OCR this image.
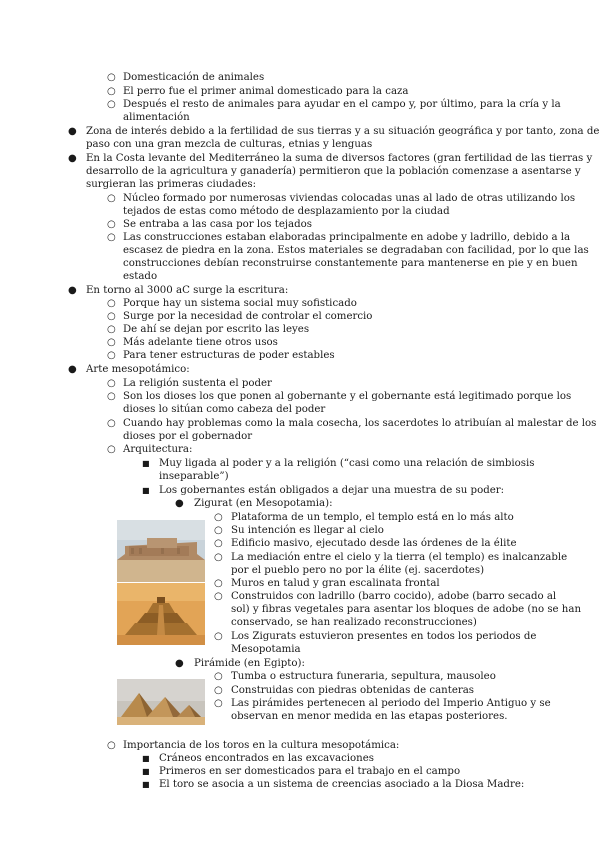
○ Domesticación de animales
○ El perro fue el primer animal domesticado para la caza
○ Después el resto de animales para ayudar en el campo y, por último, para la cría y la
alimentación
● Zona de interés debido a la fertilidad de sus tierras y a su situación geográfica y por tanto, zona de
paso con una gran mezcla de culturas, etnias y lenguas
● En la Costa levante del Mediterráneo la suma de diversos factores (gran fertilidad de las tierras y
desarrollo de la agricultura y ganadería) permitieron que la población comenzase a asentarse y
surgieran las primeras ciudades:
○ Núcleo formado por numerosas viviendas colocadas unas al lado de otras utilizando los
tejados de estas como método de desplazamiento por la ciudad
○ Se entraba a las casa por los tejados
○ Las construcciones estaban elaboradas principalmente en adobe y ladrillo, debido a la
escasez de piedra en la zona. Estos materiales se degradaban con facilidad, por lo que las
construcciones debían reconstruirse constantemente para mantenerse en pie y en buen
estado
● En torno al 3000 aC surge la escritura:
○ Porque hay un sistema social muy sofisticado
○ Surge por la necesidad de controlar el comercio
○ De ahí se dejan por escrito las leyes
○ Más adelante tiene otros usos
○ Para tener estructuras de poder estables
● Arte mesopotámico:
○ La religión sustenta el poder
○ Son los dioses los que ponen al gobernante y el gobernante está legitimado porque los
dioses lo sitúan como cabeza del poder
○ Cuando hay problemas como la mala cosecha, los sacerdotes lo atribuían al malestar de los
dioses por el gobernador
○ Arquitectura:
■ Muy ligada al poder y a la religión (“casi como una relación de simbiosis
inseparable”)
■ Los gobernantes están obligados a dejar una muestra de su poder:
● Zigurat (en Mesopotamia):
○ Plataforma de un templo, el templo está en lo más alto
○ Su intención es llegar al cielo
○ Edificio masivo, ejecutado desde las órdenes de la élite
○ La mediación entre el cielo y la tierra (el templo) es inalcanzable
por el pueblo pero no por la élite (ej. sacerdotes)
○ Muros en talud y gran escalinata frontal
○ Construidos con ladrillo (barro cocido), adobe (barro secado al
sol) y fibras vegetales para asentar los bloques de adobe (no se han
conservado, se han realizado reconstrucciones)
○ Los Zigurats estuvieron presentes en todos los periodos de
Mesopotamia
● Pirámide (en Egipto):
○ Tumba o estructura funeraria, sepultura, mausoleo
○ Construidas con piedras obtenidas de canteras
○ Las pirámides pertenecen al periodo del Imperio Antiguo y se
observan en menor medida en las etapas posteriores.
○ Importancia de los toros en la cultura mesopotámica:
■ Cráneos encontrados en las excavaciones
■ Primeros en ser domesticados para el trabajo en el campo
■ El toro se asocia a un sistema de creencias asociado a la Diosa Madre:
